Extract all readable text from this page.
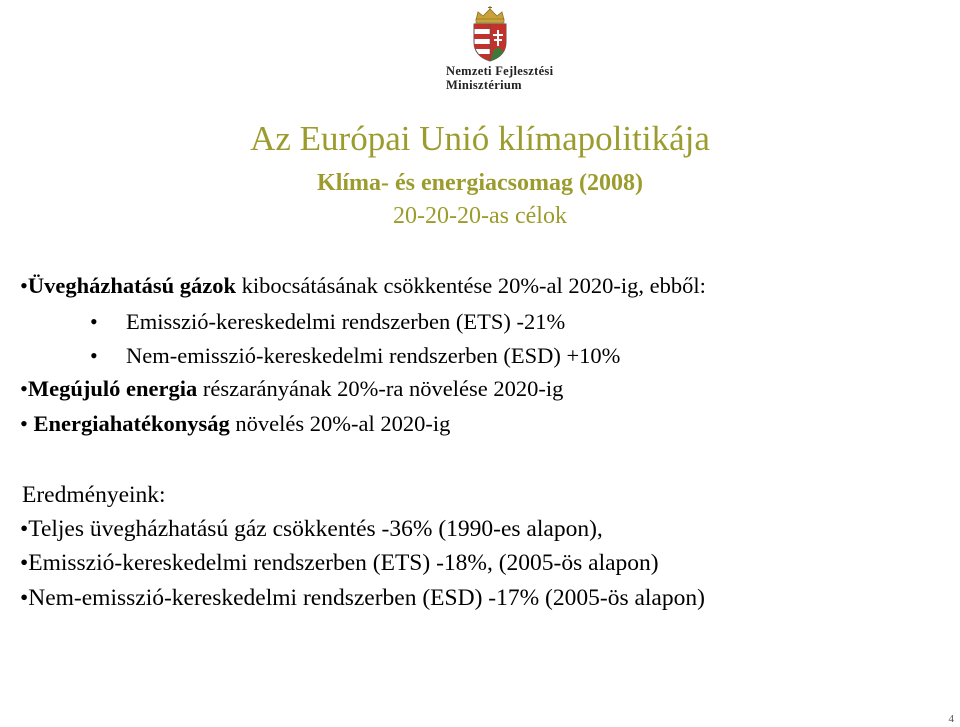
Nemzeti Fejlesztési
Minisztérium
Az Európai Unió klímapolitikája
Klíma- és energiacsomag (2008)
20-20-20-as célok
•Üvegházhatású gázok kibocsátásának csökkentése 20%-al 2020-ig, ebből:
• Emisszió-kereskedelmi rendszerben (ETS) -21%
• Nem-emisszió-kereskedelmi rendszerben (ESD) +10%
•Megújuló energia részarányának 20%-ra növelése 2020-ig
• Energiahatékonyság növelés 20%-al 2020-ig
Eredményeink:
•Teljes üvegházhatású gáz csökkentés -36% (1990-es alapon),
•Emisszió-kereskedelmi rendszerben (ETS) -18%, (2005-ös alapon)
•Nem-emisszió-kereskedelmi rendszerben (ESD) -17% (2005-ös alapon)
4
